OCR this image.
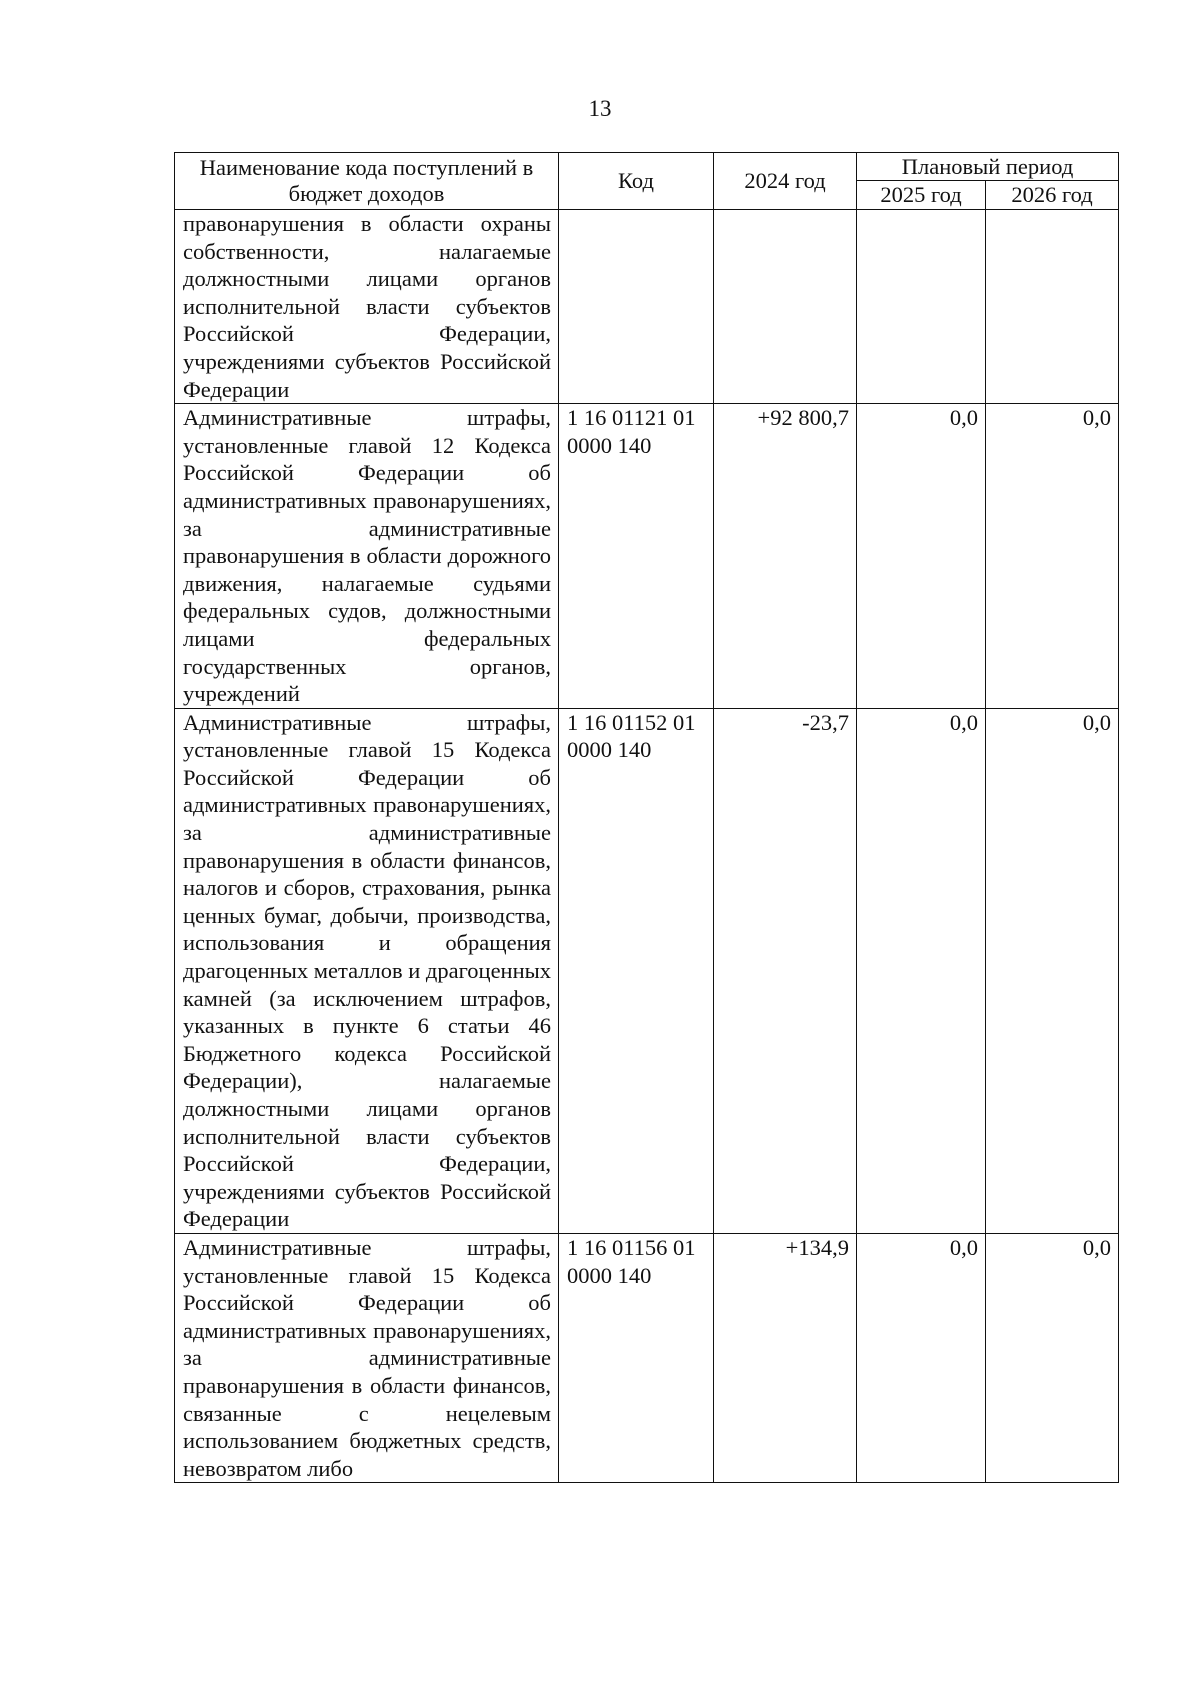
13
Наименование кода поступлений в бюджет доходов	Код	2024 год	Плановый период	
			2025 год	2026 год
правонарушения в области охраны собственности, налагаемые должностными лицами органов исполнительной власти субъектов Российской Федерации, учреждениями субъектов Российской Федерации				
Административные штрафы, установленные главой 12 Кодекса Российской Федерации об административных правонарушениях, за административные правонарушения в области дорожного движения, налагаемые судьями федеральных судов, должностными лицами федеральных государственных органов, учреждений	1 16 01121 01 0000 140	+92 800,7	0,0	0,0
Административные штрафы, установленные главой 15 Кодекса Российской Федерации об административных правонарушениях, за административные правонарушения в области финансов, налогов и сборов, страхования, рынка ценных бумаг, добычи, производства, использования и обращения драгоценных металлов и драгоценных камней (за исключением штрафов, указанных в пункте 6 статьи 46 Бюджетного кодекса Российской Федерации), налагаемые должностными лицами органов исполнительной власти субъектов Российской Федерации, учреждениями субъектов Российской Федерации	1 16 01152 01 0000 140	-23,7	0,0	0,0
Административные штрафы, установленные главой 15 Кодекса Российской Федерации об административных правонарушениях, за административные правонарушения в области финансов, связанные с нецелевым использованием бюджетных средств, невозвратом либо	1 16 01156 01 0000 140	+134,9	0,0	0,0
